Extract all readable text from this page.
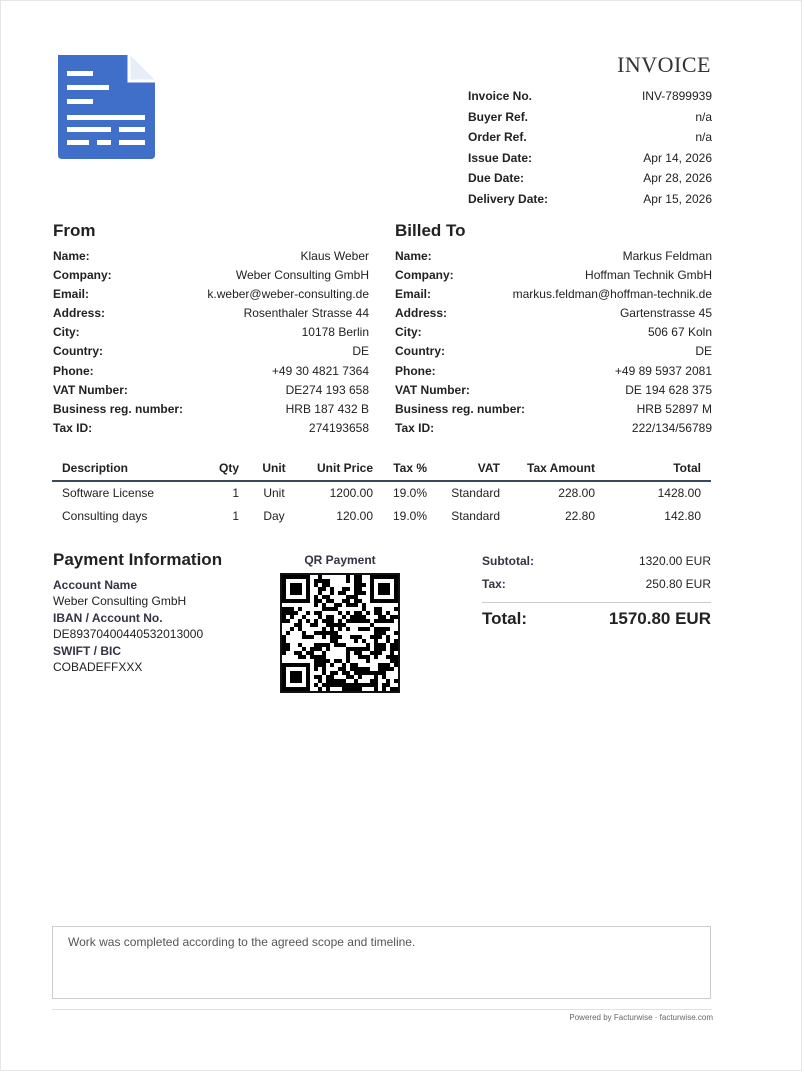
INVOICE
Invoice No.	INV-7899939
Buyer Ref.	n/a
Order Ref.	n/a
Issue Date:	Apr 14, 2026
Due Date:	Apr 28, 2026
Delivery Date:	Apr 15, 2026
From
Name:	Klaus Weber
Company:	Weber Consulting GmbH
Email:	k.weber@weber-consulting.de
Address:	Rosenthaler Strasse 44
City:	10178 Berlin
Country:	DE
Phone:	+49 30 4821 7364
VAT Number:	DE274 193 658
Business reg. number:	HRB 187 432 B
Tax ID:	274193658
Billed To
Name:	Markus Feldman
Company:	Hoffman Technik GmbH
Email:	markus.feldman@hoffman-technik.de
Address:	Gartenstrasse 45
City:	506 67 Koln
Country:	DE
Phone:	+49 89 5937 2081
VAT Number:	DE 194 628 375
Business reg. number:	HRB 52897 M
Tax ID:	222/134/56789
Description	Qty	Unit	Unit Price	Tax %	VAT	Tax Amount	Total
Software License	1	Unit	1200.00	19.0%	Standard	228.00	1428.00
Consulting days	1	Day	120.00	19.0%	Standard	22.80	142.80
Payment Information
Account Name
Weber Consulting GmbH
IBAN / Account No.
DE89370400440532013000
SWIFT / BIC
COBADEFFXXX
QR Payment	Subtotal:	1320.00 EUR
Tax:	250.80 EUR
Total:	1570.80 EUR
Work was completed according to the agreed scope and timeline.
Powered by Facturwise · facturwise.com
